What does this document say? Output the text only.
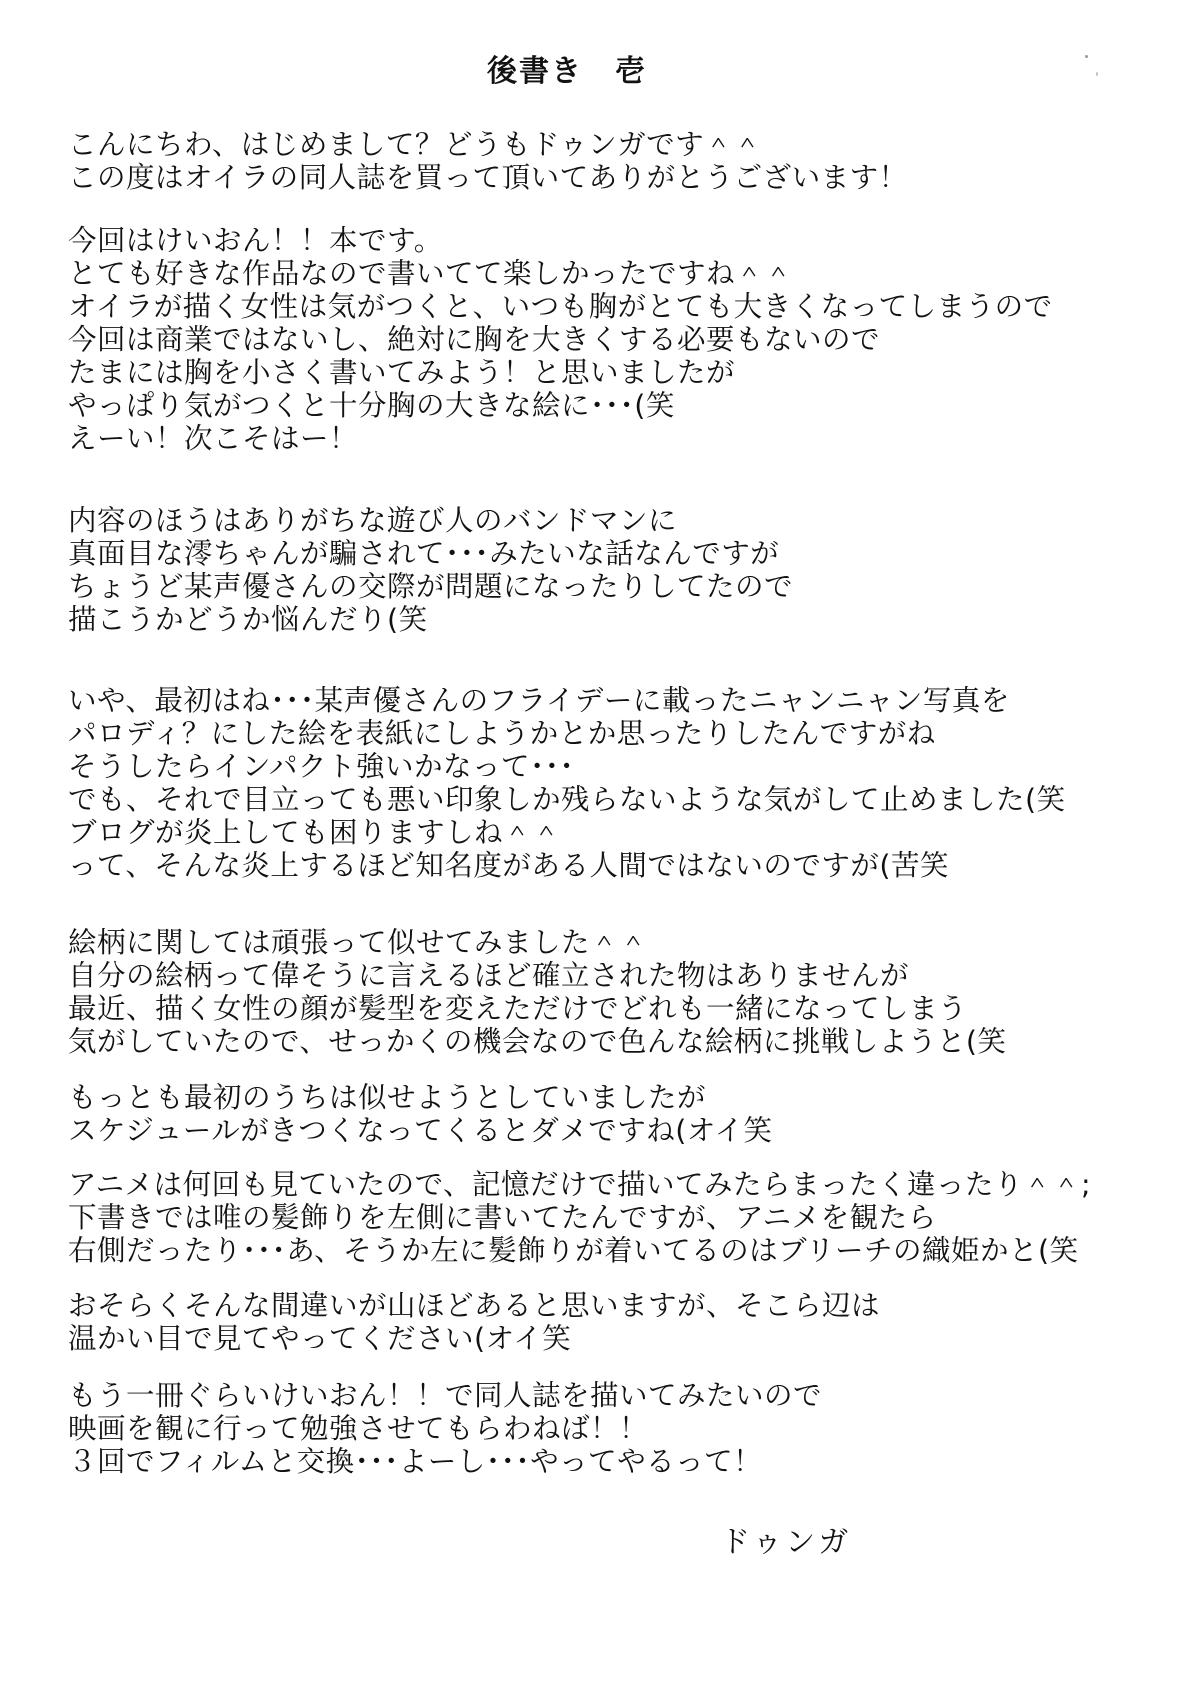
後書き　壱
こんにちわ、はじめまして？どうもドゥンガです＾＾
この度はオイラの同人誌を買って頂いてありがとうございます！
今回はけいおん！！本です。
とても好きな作品なので書いてて楽しかったですね＾＾
オイラが描く女性は気がつくと、いつも胸がとても大きくなってしまうので
今回は商業ではないし、絶対に胸を大きくする必要もないので
たまには胸を小さく書いてみよう！と思いましたが
やっぱり気がつくと十分胸の大きな絵に･･･(笑
えーい！次こそはー！
内容のほうはありがちな遊び人のバンドマンに
真面目な澪ちゃんが騙されて･･･みたいな話なんですが
ちょうど某声優さんの交際が問題になったりしてたので
描こうかどうか悩んだり(笑
いや、最初はね･･･某声優さんのフライデーに載ったニャンニャン写真を
パロディ？にした絵を表紙にしようかとか思ったりしたんですがね
そうしたらインパクト強いかなって･･･
でも、それで目立っても悪い印象しか残らないような気がして止めました(笑
ブログが炎上しても困りますしね＾＾
って、そんな炎上するほど知名度がある人間ではないのですが(苦笑
絵柄に関しては頑張って似せてみました＾＾
自分の絵柄って偉そうに言えるほど確立された物はありませんが
最近、描く女性の顔が髪型を変えただけでどれも一緒になってしまう
気がしていたので、せっかくの機会なので色んな絵柄に挑戦しようと(笑
もっとも最初のうちは似せようとしていましたが
スケジュールがきつくなってくるとダメですね(オイ笑
アニメは何回も見ていたので、記憶だけで描いてみたらまったく違ったり＾＾;
下書きでは唯の髪飾りを左側に書いてたんですが、アニメを観たら
右側だったり･･･あ、そうか左に髪飾りが着いてるのはブリーチの織姫かと(笑
おそらくそんな間違いが山ほどあると思いますが、そこら辺は
温かい目で見てやってください(オイ笑
もう一冊ぐらいけいおん！！で同人誌を描いてみたいので
映画を観に行って勉強させてもらわねば！！
３回でフィルムと交換･･･よーし･･･やってやるって！
ドゥンガ
